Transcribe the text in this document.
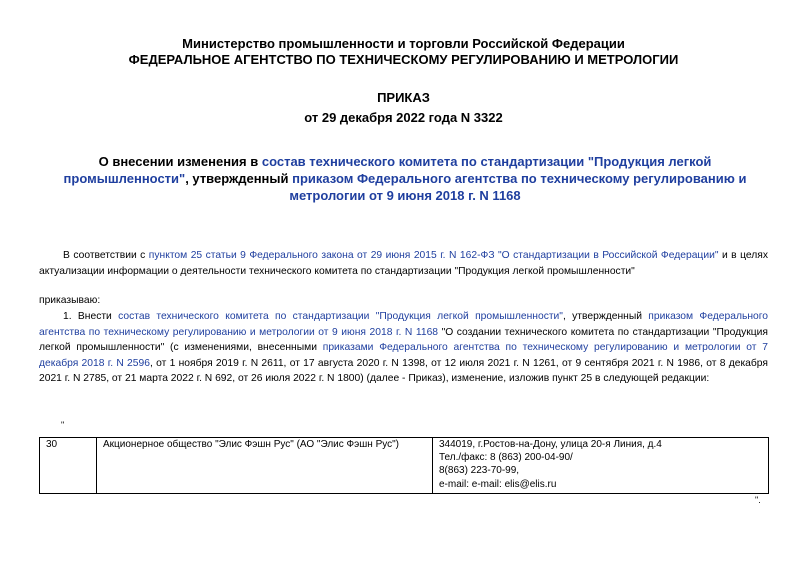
Министерство промышленности и торговли Российской Федерации
ФЕДЕРАЛЬНОЕ АГЕНТСТВО ПО ТЕХНИЧЕСКОМУ РЕГУЛИРОВАНИЮ И МЕТРОЛОГИИ
ПРИКАЗ
от 29 декабря 2022 года N 3322
О внесении изменения в состав технического комитета по стандартизации "Продукция легкой промышленности", утвержденный приказом Федерального агентства по техническому регулированию и метрологии от 9 июня 2018 г. N 1168
В соответствии с пунктом 25 статьи 9 Федерального закона от 29 июня 2015 г. N 162-ФЗ "О стандартизации в Российской Федерации" и в целях актуализации информации о деятельности технического комитета по стандартизации "Продукция легкой промышленности"
приказываю:
1. Внести состав технического комитета по стандартизации "Продукция легкой промышленности", утвержденный приказом Федерального агентства по техническому регулированию и метрологии от 9 июня 2018 г. N 1168 "О создании технического комитета по стандартизации "Продукция легкой промышленности" (с изменениями, внесенными приказами Федерального агентства по техническому регулированию и метрологии от 7 декабря 2018 г. N 2596, от 1 ноября 2019 г. N 2611, от 17 августа 2020 г. N 1398, от 12 июля 2021 г. N 1261, от 9 сентября 2021 г. N 1986, от 8 декабря 2021 г. N 2785, от 21 марта 2022 г. N 692, от 26 июля 2022 г. N 1800) (далее - Приказ), изменение, изложив пункт 25 в следующей редакции:
"
30	Акционерное общество "Элис Фэшн Рус" (АО "Элис Фэшн Рус")	344019, г.Ростов-на-Дону, улица 20-я Линия, д.4
Тел./факс: 8 (863) 200-04-90/
8(863) 223-70-99,
e-mail: e-mail: elis@elis.ru
".
